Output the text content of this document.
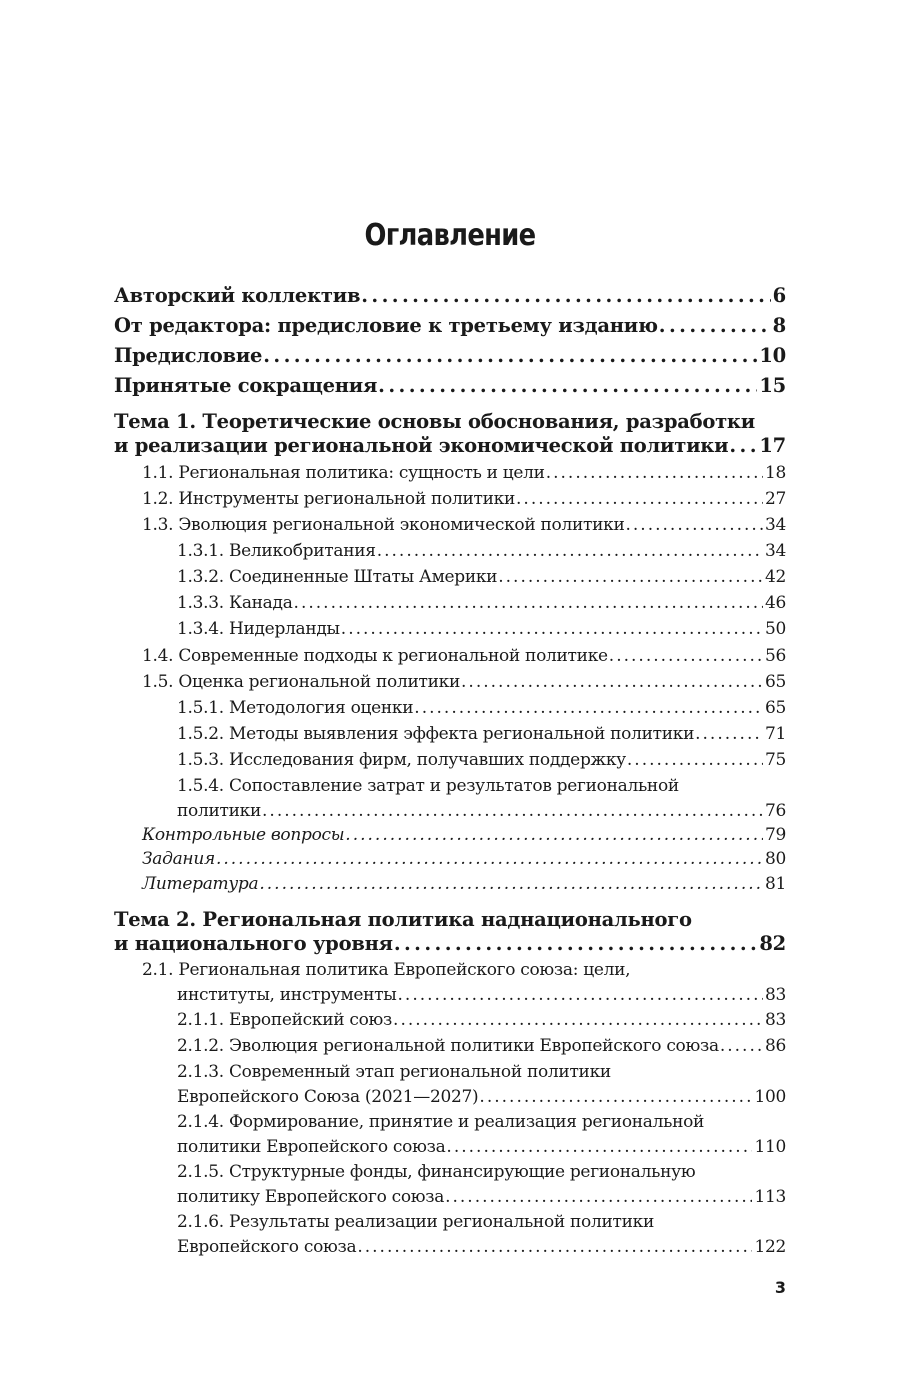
Оглавление
Авторский коллектив . . .	6
От редактора: предисловие к третьему изданию . . .	8
Предисловие . . .	10
Принятые сокращения . . .	15
Тема 1. Теоретические основы обоснования, разработки
и реализации региональной экономической политики . . . 17
1.1. Региональная политика: сущность и цели . . .	18
1.2. Инструменты региональной политики . . .	27
1.3. Эволюция региональной экономической политики . . .	34
1.3.1. Великобритания . . .	34
1.3.2. Соединенные Штаты Америки . . .	42
1.3.3. Канада . . .	46
1.3.4. Нидерланды . . .	50
1.4. Современные подходы к региональной политике . . .	56
1.5. Оценка региональной политики . . .	65
1.5.1. Методология оценки . . .	65
1.5.2. Методы выявления эффекта региональной политики . . .	71
1.5.3. Исследования фирм, получавших поддержку . . .	75
1.5.4. Сопоставление затрат и результатов региональной
политики . . .	76
Контрольные вопросы . . .	79
Задания . . .	80
Литература . . .	81
Тема 2. Региональная политика наднационального
и национального уровня . . .	82
2.1. Региональная политика Европейского союза: цели,
институты, инструменты . . .	83
2.1.1. Европейский союз . . .	83
2.1.2. Эволюция региональной политики Европейского союза . . .	86
2.1.3. Современный этап региональной политики
Европейского Союза (2021—2027) . . .	100
2.1.4. Формирование, принятие и реализация региональной
политики Европейского союза . . .	110
2.1.5. Структурные фонды, финансирующие региональную
политику Европейского союза . . .	113
2.1.6. Результаты реализации региональной политики
Европейского союза . . .	122
3
